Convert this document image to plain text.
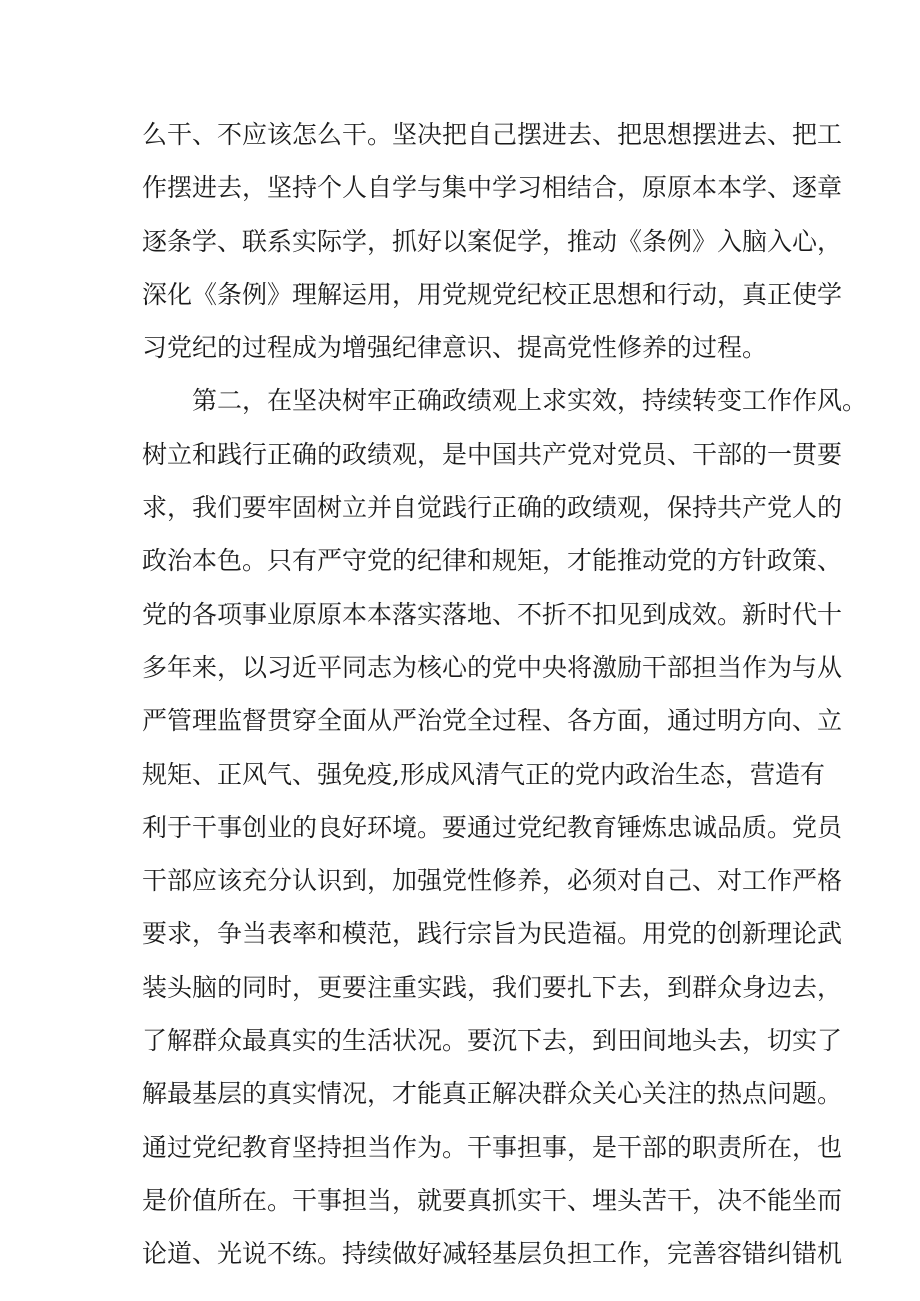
么干、不应该怎么干。坚决把自己摆进去、把思想摆进去、把工
作摆进去，坚持个人自学与集中学习相结合，原原本本学、逐章
逐条学、联系实际学，抓好以案促学，推动《条例》入脑入心，
深化《条例》理解运用，用党规党纪校正思想和行动，真正使学
习党纪的过程成为增强纪律意识、提高党性修养的过程。
第二，在坚决树牢正确政绩观上求实效，持续转变工作作风。
树立和践行正确的政绩观，是中国共产党对党员、干部的一贯要
求，我们要牢固树立并自觉践行正确的政绩观，保持共产党人的
政治本色。只有严守党的纪律和规矩，才能推动党的方针政策、
党的各项事业原原本本落实落地、不折不扣见到成效。新时代十
多年来，以习近平同志为核心的党中央将激励干部担当作为与从
严管理监督贯穿全面从严治党全过程、各方面，通过明方向、立
规矩、正风气、强免疫,形成风清气正的党内政治生态，营造有
利于干事创业的良好环境。要通过党纪教育锤炼忠诚品质。党员
干部应该充分认识到，加强党性修养，必须对自己、对工作严格
要求，争当表率和模范，践行宗旨为民造福。用党的创新理论武
装头脑的同时，更要注重实践，我们要扎下去，到群众身边去，
了解群众最真实的生活状况。要沉下去，到田间地头去，切实了
解最基层的真实情况，才能真正解决群众关心关注的热点问题。
通过党纪教育坚持担当作为。干事担事，是干部的职责所在，也
是价值所在。干事担当，就要真抓实干、埋头苦干，决不能坐而
论道、光说不练。持续做好减轻基层负担工作，完善容错纠错机
